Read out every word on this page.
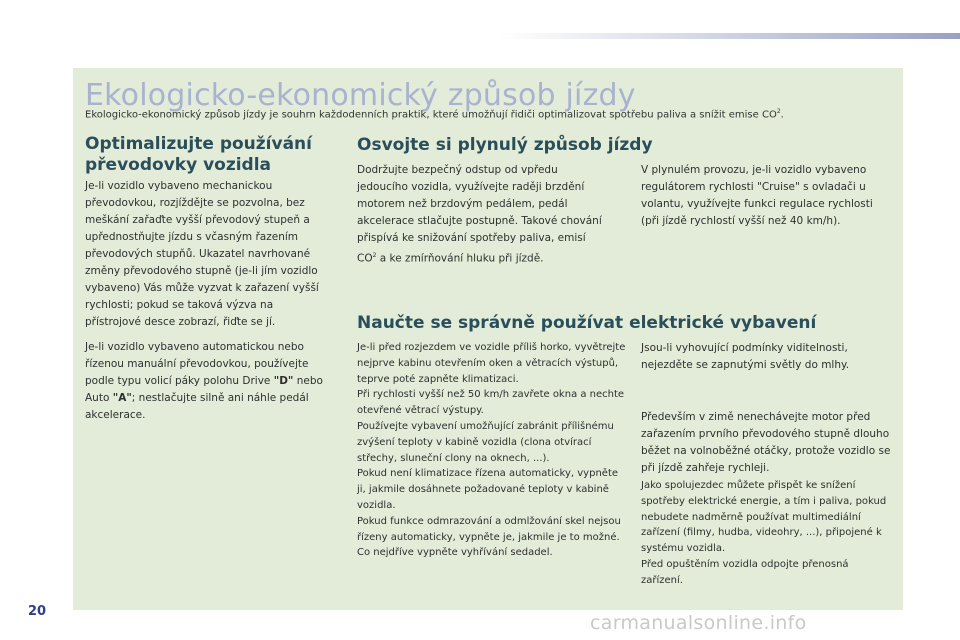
Ekologicko-ekonomický způsob jízdy
Ekologicko-ekonomický způsob jízdy je souhrn každodenních praktik, které umožňují řidiči optimalizovat spotřebu paliva a snížit emise $CO^2$.
Optimalizujte používání převodovky vozidla

Je-li vozidlo vybaveno mechanickou převodovkou, rozjíždějte se pozvolna, bez meškání zařaďte vyšší převodový stupeň a upřednostňujte jízdu s včasným řazením převodových stupňů. Ukazatel navrhované změny převodového stupně (je-li jím vozidlo vybaveno) Vás může vyzvat k zařazení vyšší rychlosti; pokud se taková výzva na přístrojové desce zobrazí, řiďte se jí.

Je-li vozidlo vybaveno automatickou nebo řízenou manuální převodovkou, používejte podle typu volicí páky polohu Drive "D" nebo Auto "A"; nestlačujte silně ani náhle pedál akcelerace.

Osvojte si plynulý způsob jízdy

Dodržujte bezpečný odstup od vpředu jedoucího vozidla, využívejte raději brzdění motorem než brzdovým pedálem, pedál akcelerace stlačujte postupně. Takové chování přispívá ke snižování spotřeby paliva, emisí $CO^2$ a ke zmírňování hluku při jízdě.

V plynulém provozu, je-li vozidlo vybaveno regulátorem rychlosti "Cruise" s ovladači u volantu, využívejte funkci regulace rychlosti (při jízdě rychlostí vyšší než 40 km/h).
Naučte se správně používat elektrické vybavení
Je-li před rozjezdem ve vozidle příliš horko, vyvětrejte nejprve kabinu otevřením oken a větracích výstupů, teprve poté zapněte klimatizaci.
Při rychlosti vyšší než 50 km/h zavřete okna a nechte otevřené větrací výstupy.
Používejte vybavení umožňující zabránit přílišnému zvýšení teploty v kabině vozidla (clona otvírací střechy, sluneční clony na oknech, ...).
Pokud není klimatizace řízena automaticky, vypněte ji, jakmile dosáhnete požadované teploty v kabině vozidla.
Pokud funkce odmrazování a odmlžování skel nejsou řízeny automaticky, vypněte je, jakmile je to možné.
Co nejdříve vypněte vyhřívání sedadel.
Jsou-li vyhovující podmínky viditelnosti, nejezděte se zapnutými světly do mlhy.
Především v zimě nenechávejte motor před zařazením prvního převodového stupně dlouho běžet na volnoběžné otáčky, protože vozidlo se při jízdě zahřeje rychleji.
Jako spolujezdec můžete přispět ke snížení spotřeby elektrické energie, a tím i paliva, pokud nebudete nadměrně používat multimediální zařízení (filmy, hudba, videohry, ...), připojené k systému vozidla.
Před opuštěním vozidla odpojte přenosná zařízení.
20
carmanualsonline.info
